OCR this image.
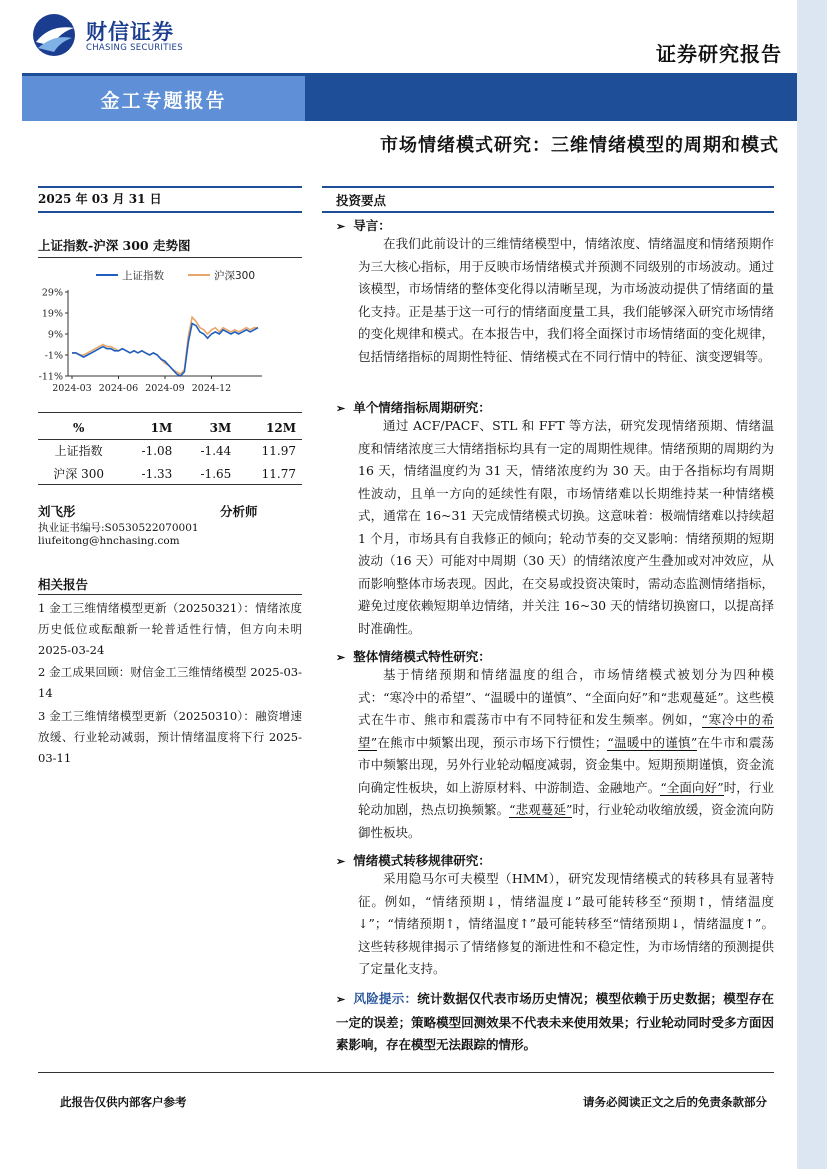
财信证券
CHASING SECURITIES	证券研究报告
金工专题报告
市场情绪模式研究：三维情绪模型的周期和模式
2025 年 03 月 31 日
上证指数-沪深 300 走势图
上证指数	沪深300
29%
19%
9%
-1%
-11%
2024-03 2024-06 2024-09 2024-12
%	1M	3M	12M
上证指数	-1.08	-1.44	11.97
沪深 300	-1.33	-1.65	11.77
刘飞彤	分析师
执业证书编号:S0530522070001
liufeitong@hnchasing.com
相关报告
1 金工三维情绪模型更新（20250321）：情绪浓度历史低位或酝酿新一轮普适性行情，但方向未明 2025-03-24
2 金工成果回顾：财信金工三维情绪模型 2025-03-14
3 金工三维情绪模型更新（20250310）：融资增速放缓、行业轮动减弱，预计情绪温度将下行 2025-03-11
投资要点
➢ 导言：
在我们此前设计的三维情绪模型中，情绪浓度、情绪温度和情绪预期作为三大核心指标，用于反映市场情绪模式并预测不同级别的市场波动。通过该模型，市场情绪的整体变化得以清晰呈现，为市场波动提供了情绪面的量化支持。正是基于这一可行的情绪面度量工具，我们能够深入研究市场情绪的变化规律和模式。在本报告中，我们将全面探讨市场情绪面的变化规律，包括情绪指标的周期性特征、情绪模式在不同行情中的特征、演变逻辑等。
➢ 单个情绪指标周期研究：
通过 ACF/PACF、STL 和 FFT 等方法，研究发现情绪预期、情绪温度和情绪浓度三大情绪指标均具有一定的周期性规律。情绪预期的周期约为 16 天，情绪温度约为 31 天，情绪浓度约为 30 天。由于各指标均有周期性波动，且单一方向的延续性有限，市场情绪难以长期维持某一种情绪模式，通常在 16~31 天完成情绪模式切换。这意味着：极端情绪难以持续超 1 个月，市场具有自我修正的倾向；轮动节奏的交叉影响：情绪预期的短期波动（16 天）可能对中周期（30 天）的情绪浓度产生叠加或对冲效应，从而影响整体市场表现。因此，在交易或投资决策时，需动态监测情绪指标，避免过度依赖短期单边情绪，并关注 16~30 天的情绪切换窗口，以提高择时准确性。
➢ 整体情绪模式特性研究：
基于情绪预期和情绪温度的组合，市场情绪模式被划分为四种模式：“寒冷中的希望”、“温暖中的谨慎”、“全面向好”和“悲观蔓延”。这些模式在牛市、熊市和震荡市中有不同特征和发生频率。例如，“寒冷中的希望”在熊市中频繁出现，预示市场下行惯性；“温暖中的谨慎”在牛市和震荡市中频繁出现，另外行业轮动幅度减弱，资金集中。短期预期谨慎，资金流向确定性板块，如上游原材料、中游制造、金融地产。“全面向好”时，行业轮动加剧，热点切换频繁。“悲观蔓延”时，行业轮动收缩放缓，资金流向防御性板块。
➢ 情绪模式转移规律研究：
采用隐马尔可夫模型（HMM），研究发现情绪模式的转移具有显著特征。例如，“情绪预期↓，情绪温度↓”最可能转移至“预期↑，情绪温度↓”；“情绪预期↑，情绪温度↑”最可能转移至“情绪预期↓，情绪温度↑”。这些转移规律揭示了情绪修复的渐进性和不稳定性，为市场情绪的预测提供了定量化支持。
➢ 风险提示：统计数据仅代表市场历史情况；模型依赖于历史数据；模型存在一定的误差；策略模型回测效果不代表未来使用效果；行业轮动同时受多方面因素影响，存在模型无法跟踪的情形。
此报告仅供内部客户参考	请务必阅读正文之后的免责条款部分
